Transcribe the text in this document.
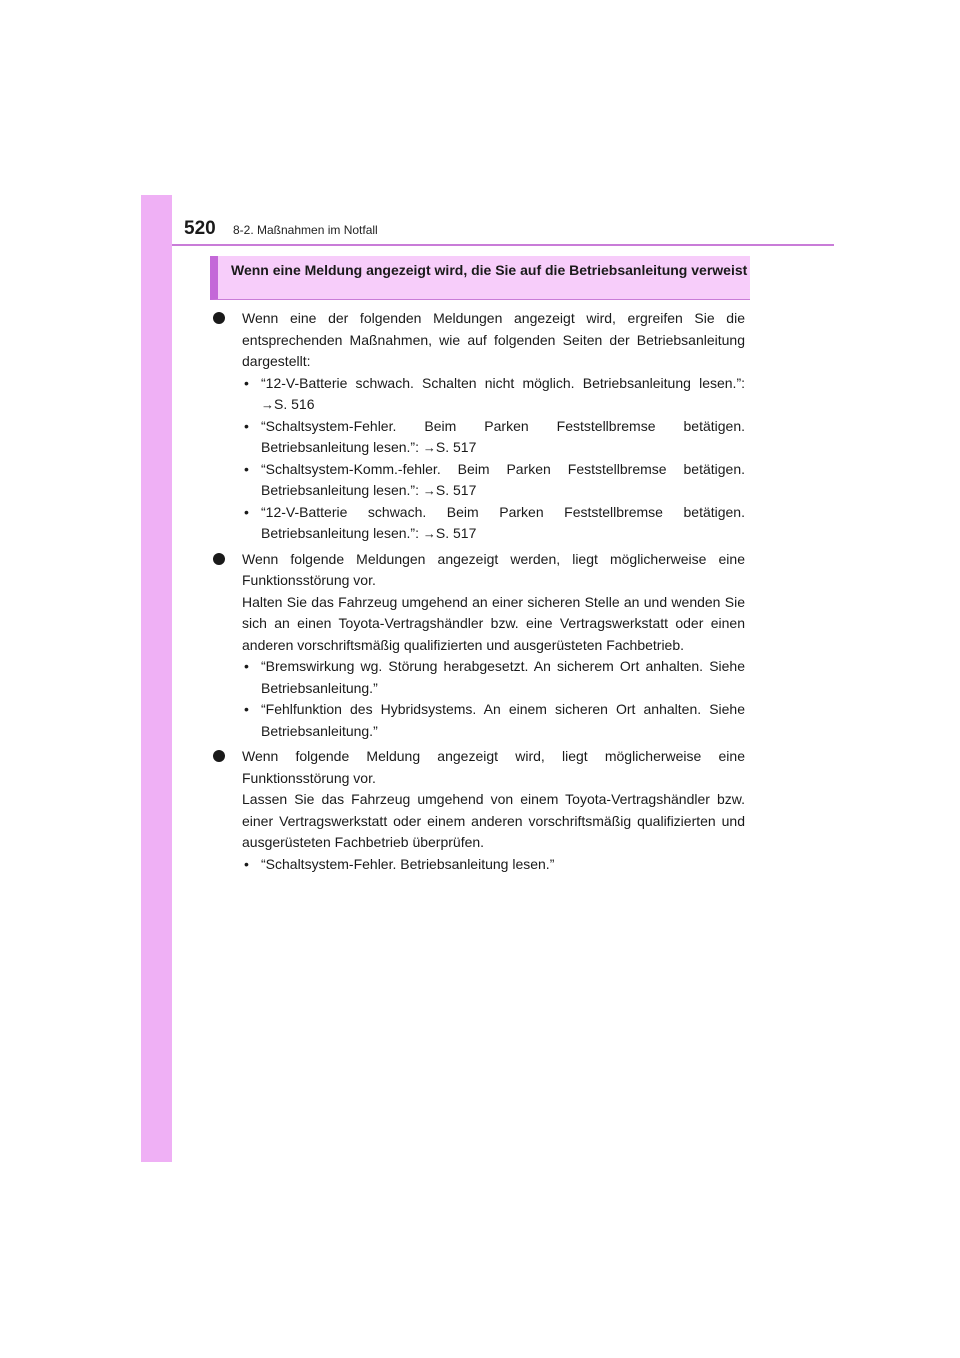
520 8-2. Maßnahmen im Notfall
Wenn eine Meldung angezeigt wird, die Sie auf die Betriebsanleitung verweist
Wenn eine der folgenden Meldungen angezeigt wird, ergreifen Sie die entsprechenden Maßnahmen, wie auf folgenden Seiten der Betriebsanleitung dargestellt:
• “12-V-Batterie schwach. Schalten nicht möglich. Betriebsanleitung lesen.”: →S. 516
• “Schaltsystem-Fehler. Beim Parken Feststellbremse betätigen. Betriebsanleitung lesen.”: →S. 517
• “Schaltsystem-Komm.-fehler. Beim Parken Feststellbremse betätigen. Betriebsanleitung lesen.”: →S. 517
• “12-V-Batterie schwach. Beim Parken Feststellbremse betätigen. Betriebsanleitung lesen.”: →S. 517
Wenn folgende Meldungen angezeigt werden, liegt möglicherweise eine Funktionsstörung vor.
Halten Sie das Fahrzeug umgehend an einer sicheren Stelle an und wenden Sie sich an einen Toyota-Vertragshändler bzw. eine Vertragswerkstatt oder einen anderen vorschriftsmäßig qualifizierten und ausgerüsteten Fachbetrieb.
• “Bremswirkung wg. Störung herabgesetzt. An sicherem Ort anhalten. Siehe Betriebsanleitung.”
• “Fehlfunktion des Hybridsystems. An einem sicheren Ort anhalten. Siehe Betriebsanleitung.”
Wenn folgende Meldung angezeigt wird, liegt möglicherweise eine Funktionsstörung vor.
Lassen Sie das Fahrzeug umgehend von einem Toyota-Vertragshändler bzw. einer Vertragswerkstatt oder einem anderen vorschriftsmäßig qualifizierten und ausgerüsteten Fachbetrieb überprüfen.
• “Schaltsystem-Fehler. Betriebsanleitung lesen.”
